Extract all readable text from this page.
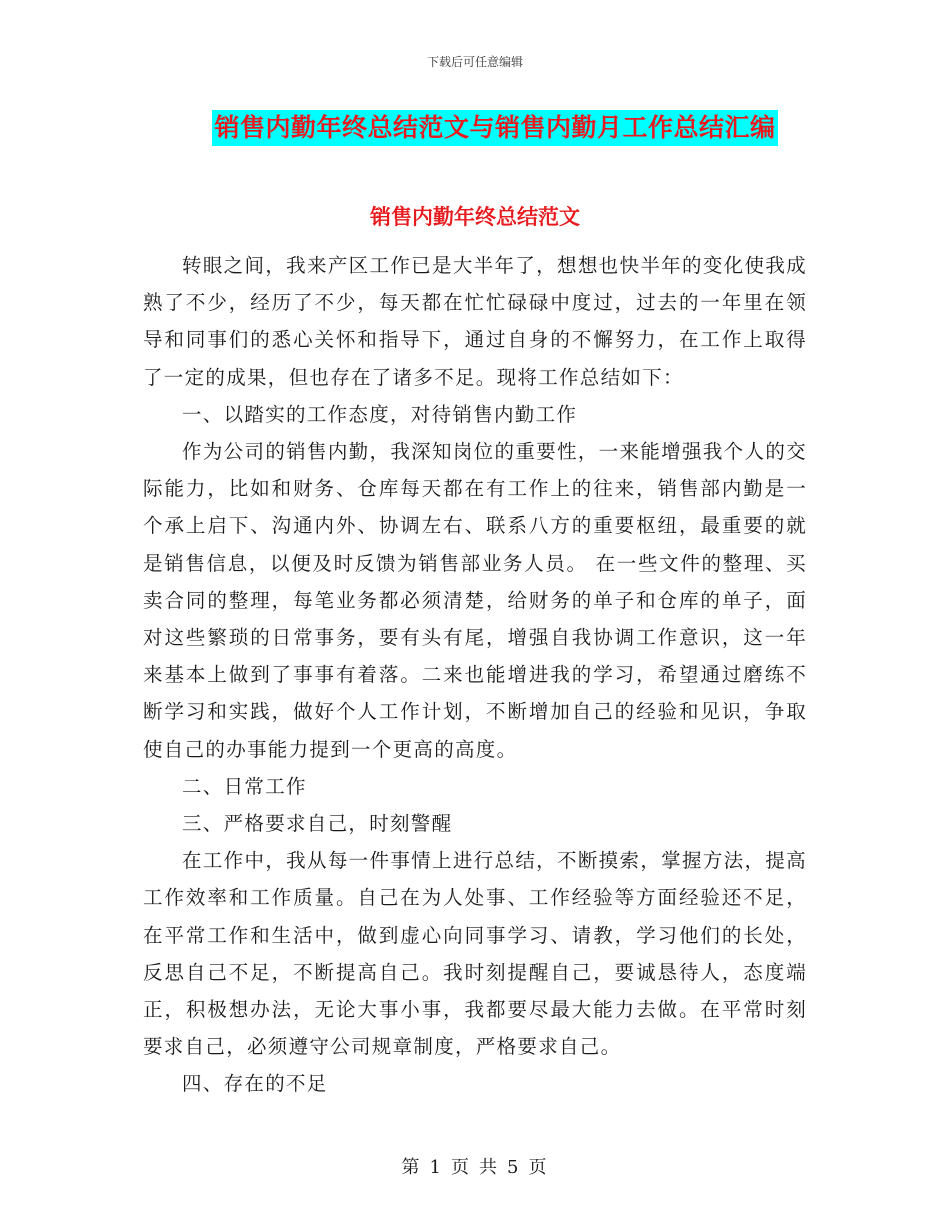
下载后可任意编辑
销售内勤年终总结范文与销售内勤月工作总结汇编
销售内勤年终总结范文

转眼之间，我来产区工作已是大半年了，想想也快半年的变化使我成熟了不少，经历了不少，每天都在忙忙碌碌中度过，过去的一年里在领导和同事们的悉心关怀和指导下，通过自身的不懈努力，在工作上取得了一定的成果，但也存在了诸多不足。现将工作总结如下：

一、以踏实的工作态度，对待销售内勤工作

作为公司的销售内勤，我深知岗位的重要性，一来能增强我个人的交际能力，比如和财务、仓库每天都在有工作上的往来，销售部内勤是一个承上启下、沟通内外、协调左右、联系八方的重要枢纽，最重要的就是销售信息，以便及时反馈为销售部业务人员。 在一些文件的整理、买卖合同的整理，每笔业务都必须清楚，给财务的单子和仓库的单子，面对这些繁琐的日常事务，要有头有尾，增强自我协调工作意识，这一年来基本上做到了事事有着落。二来也能增进我的学习，希望通过磨练不断学习和实践，做好个人工作计划，不断增加自己的经验和见识，争取使自己的办事能力提到一个更高的高度。

二、日常工作

三、严格要求自己，时刻警醒

在工作中，我从每一件事情上进行总结，不断摸索，掌握方法，提高工作效率和工作质量。自己在为人处事、工作经验等方面经验还不足，在平常工作和生活中，做到虚心向同事学习、请教，学习他们的长处，反思自己不足，不断提高自己。我时刻提醒自己，要诚恳待人，态度端正，积极想办法，无论大事小事，我都要尽最大能力去做。在平常时刻要求自己，必须遵守公司规章制度，严格要求自己。

四、存在的不足

第 1 页 共 5 页
